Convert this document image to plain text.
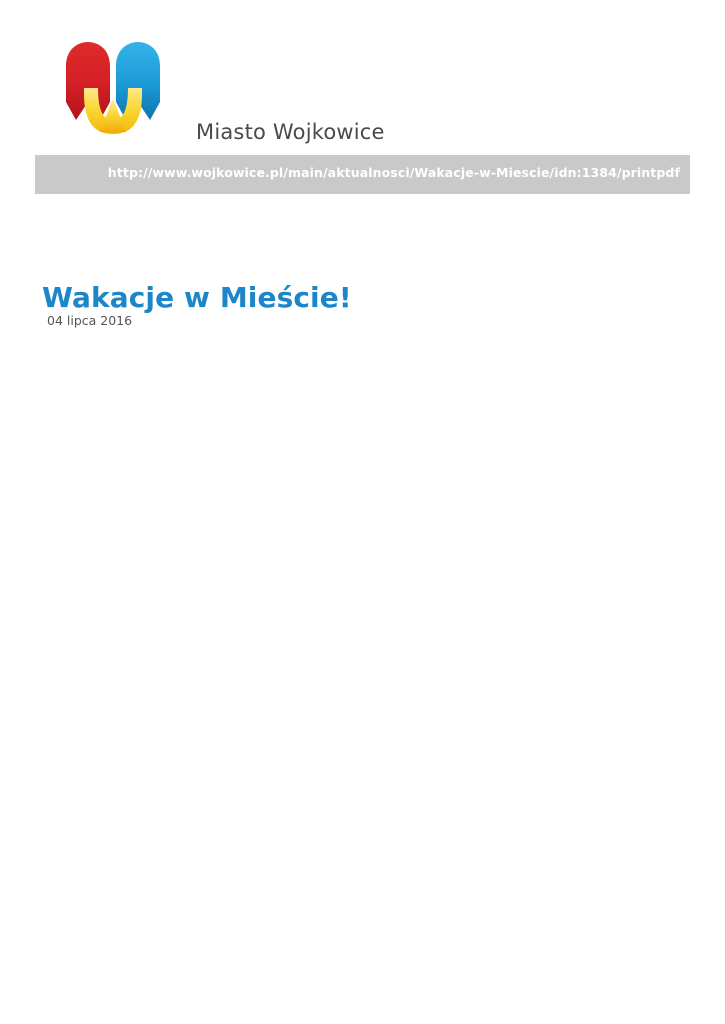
Miasto Wojkowice
http://www.wojkowice.pl/main/aktualnosci/Wakacje-w-Miescie/idn:1384/printpdf
Wakacje w Mieście!
04 lipca 2016
